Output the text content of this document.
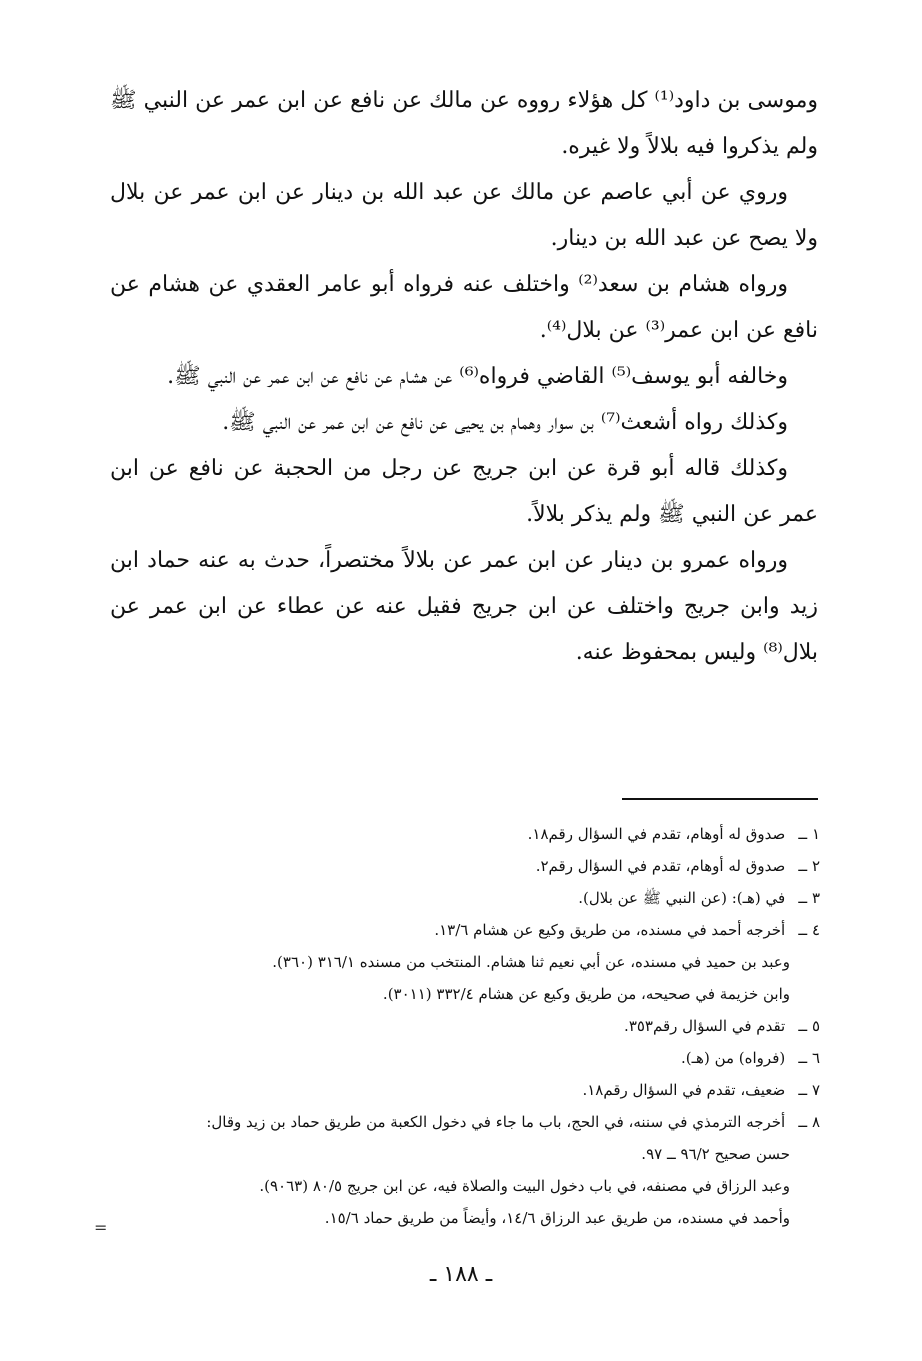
وموسى بن داود⁽¹⁾ كل هؤلاء رووه عن مالك عن نافع عن ابن عمر عن النبي ﷺ ولم يذكروا فيه بلالاً ولا غيره.

وروي عن أبي عاصم عن مالك عن عبد الله بن دينار عن ابن عمر عن بلال ولا يصح عن عبد الله بن دينار.

ورواه هشام بن سعد⁽²⁾ واختلف عنه فرواه أبو عامر العقدي عن هشام عن نافع عن ابن عمر⁽³⁾ عن بلال⁽⁴⁾.

وخالفه أبو يوسف⁽⁵⁾ القاضي فرواه⁽⁶⁾ عن هشام عن نافع عن ابن عمر عن النبي ﷺ.

وكذلك رواه أشعث⁽⁷⁾ بن سوار وهمام بن يحيى عن نافع عن ابن عمر عن النبي ﷺ.

وكذلك قاله أبو قرة عن ابن جريج عن رجل من الحجبة عن نافع عن ابن عمر عن النبي ﷺ ولم يذكر بلالاً.

ورواه عمرو بن دينار عن ابن عمر عن بلالاً مختصراً، حدث به عنه حماد ابن زيد وابن جريج واختلف عن ابن جريج فقيل عنه عن عطاء عن ابن عمر عن بلال⁽⁸⁾ وليس بمحفوظ عنه.

١ ــ صدوق له أوهام، تقدم في السؤال رقم١٨.

٢ ــ صدوق له أوهام، تقدم في السؤال رقم٢.

٣ ــ في (هـ): (عن النبي ﷺ عن بلال).

٤ ــ أخرجه أحمد في مسنده، من طريق وكيع عن هشام ١٣/٦.

وعبد بن حميد في مسنده، عن أبي نعيم ثنا هشام. المنتخب من مسنده ٣١٦/١ (٣٦٠).

وابن خزيمة في صحيحه، من طريق وكيع عن هشام ٣٣٢/٤ (٣٠١١).

٥ ــ تقدم في السؤال رقم٣٥٣.

٦ ــ (فرواه) من (هـ).

٧ ــ ضعيف، تقدم في السؤال رقم١٨.

٨ ــ أخرجه الترمذي في سننه، في الحج، باب ما جاء في دخول الكعبة من طريق حماد بن زيد وقال:

حسن صحيح ٩٦/٢ ــ ٩٧.

وعبد الرزاق في مصنفه، في باب دخول البيت والصلاة فيه، عن ابن جريج ٨٠/٥ (٩٠٦٣).

وأحمد في مسنده، من طريق عبد الرزاق ١٤/٦، وأيضاً من طريق حماد ١٥/٦.

=
ـ ١٨٨ ـ
